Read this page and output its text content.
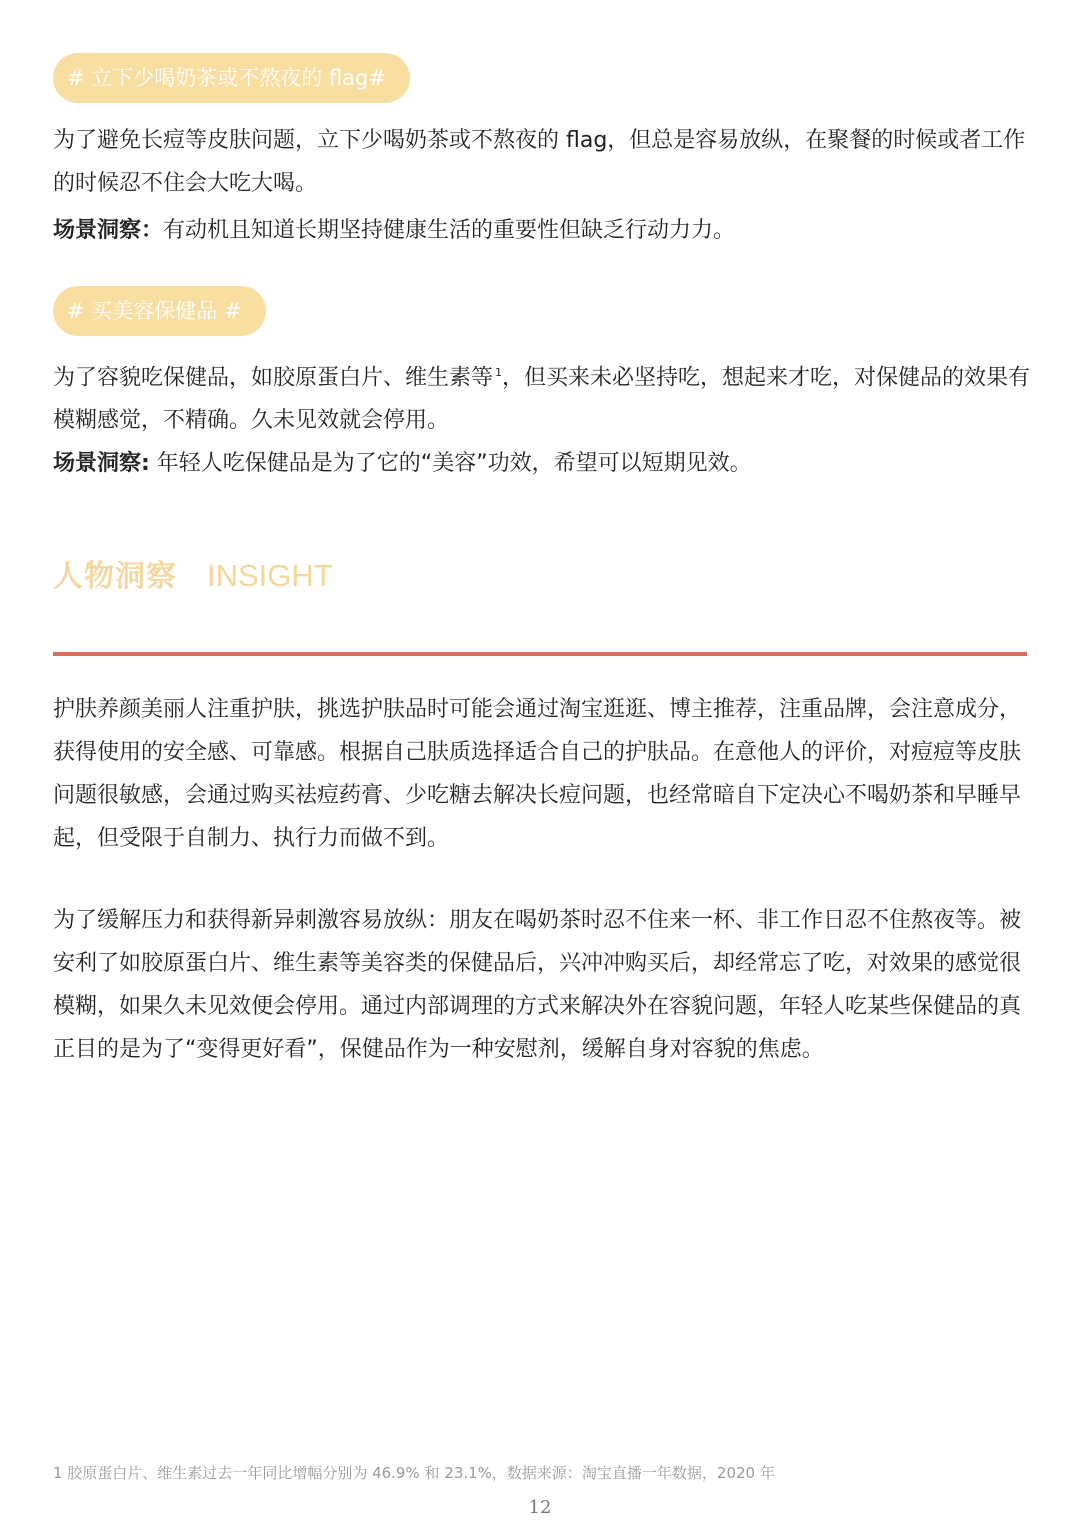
# 立下少喝奶茶或不熬夜的 flag#

为了避免长痘等皮肤问题，立下少喝奶茶或不熬夜的 flag，但总是容易放纵，在聚餐的时候或者工作的时候忍不住会大吃大喝。

场景洞察：有动机且知道长期坚持健康生活的重要性但缺乏行动力力。

# 买美容保健品 #

为了容貌吃保健品，如胶原蛋白片、维生素等 $^1$，但买来未必坚持吃，想起来才吃，对保健品的效果有模糊感觉，不精确。久未见效就会停用。

场景洞察: 年轻人吃保健品是为了它的“美容”功效，希望可以短期见效。

人物洞察 INSIGHT

护肤养颜美丽人注重护肤，挑选护肤品时可能会通过淘宝逛逛、博主推荐，注重品牌，会注意成分，获得使用的安全感、可靠感。根据自己肤质选择适合自己的护肤品。在意他人的评价，对痘痘等皮肤问题很敏感，会通过购买祛痘药膏、少吃糖去解决长痘问题，也经常暗自下定决心不喝奶茶和早睡早起，但受限于自制力、执行力而做不到。

为了缓解压力和获得新异刺激容易放纵：朋友在喝奶茶时忍不住来一杯、非工作日忍不住熬夜等。被安利了如胶原蛋白片、维生素等美容类的保健品后，兴冲冲购买后，却经常忘了吃，对效果的感觉很模糊，如果久未见效便会停用。通过内部调理的方式来解决外在容貌问题，年轻人吃某些保健品的真正目的是为了“变得更好看”，保健品作为一种安慰剂，缓解自身对容貌的焦虑。

1 胶原蛋白片、维生素过去一年同比增幅分别为 46.9% 和 23.1%，数据来源：淘宝直播一年数据，2020 年
12
